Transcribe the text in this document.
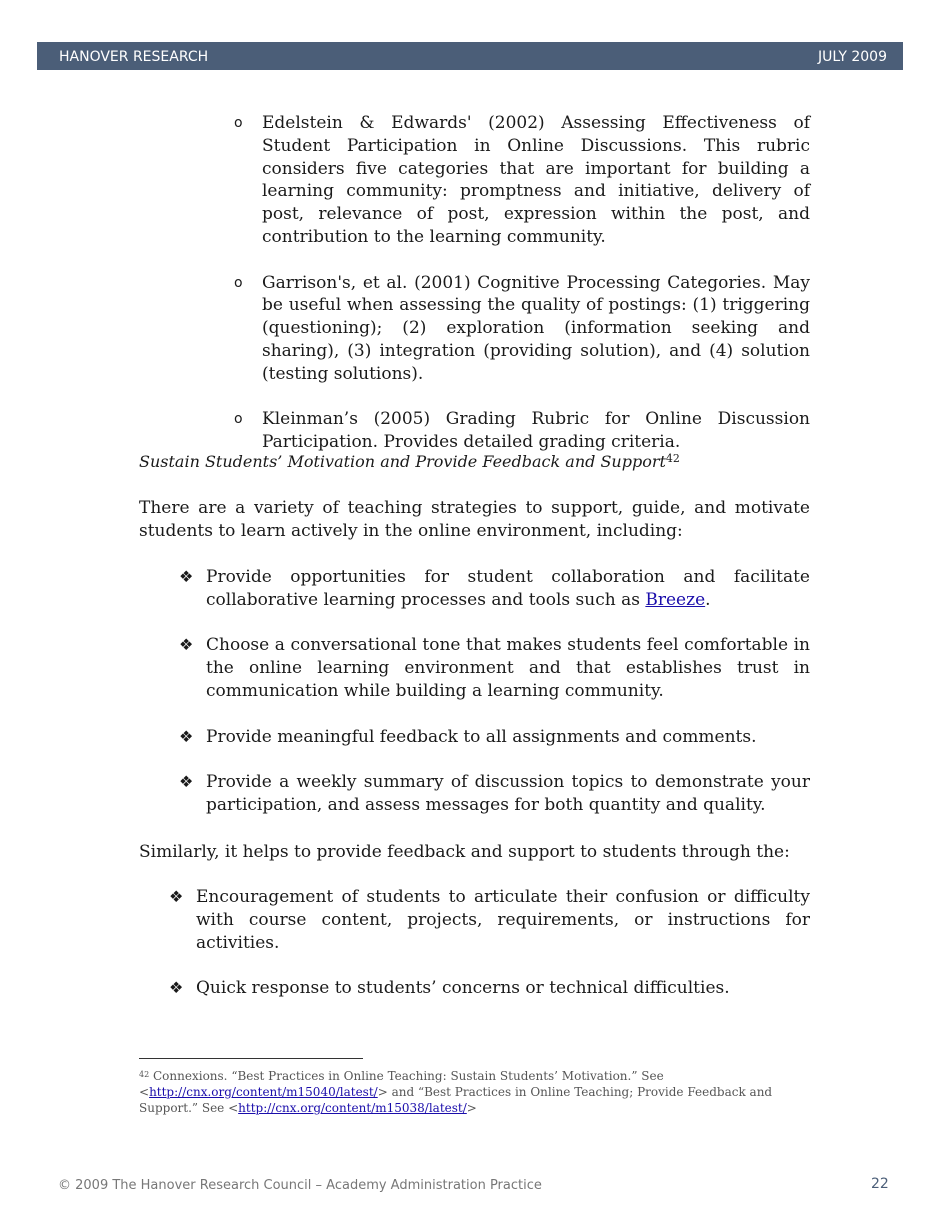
HANOVER RESEARCH	JULY 2009
o Edelstein & Edwards' (2002) Assessing Effectiveness of Student Participation in Online Discussions. This rubric considers five categories that are important for building a learning community: promptness and initiative, delivery of post, relevance of post, expression within the post, and contribution to the learning community.
o Garrison's, et al. (2001) Cognitive Processing Categories. May be useful when assessing the quality of postings: (1) triggering (questioning); (2) exploration (information seeking and sharing), (3) integration (providing solution), and (4) solution (testing solutions).
o Kleinman’s (2005) Grading Rubric for Online Discussion Participation. Provides detailed grading criteria.
Sustain Students’ Motivation and Provide Feedback and Support$^{42}$
There are a variety of teaching strategies to support, guide, and motivate students to learn actively in the online environment, including:
❖ Provide opportunities for student collaboration and facilitate collaborative learning processes and tools such as Breeze.
❖ Choose a conversational tone that makes students feel comfortable in the online learning environment and that establishes trust in communication while building a learning community.
❖ Provide meaningful feedback to all assignments and comments.
❖ Provide a weekly summary of discussion topics to demonstrate your participation, and assess messages for both quantity and quality.
Similarly, it helps to provide feedback and support to students through the:
❖ Encouragement of students to articulate their confusion or difficulty with course content, projects, requirements, or instructions for activities.
❖ Quick response to students’ concerns or technical difficulties.
$^{42}$ Connexions. “Best Practices in Online Teaching: Sustain Students’ Motivation.” See <http://cnx.org/content/m15040/latest/> and “Best Practices in Online Teaching; Provide Feedback and Support.” See <http://cnx.org/content/m15038/latest/>
© 2009 The Hanover Research Council – Academy Administration Practice	22
